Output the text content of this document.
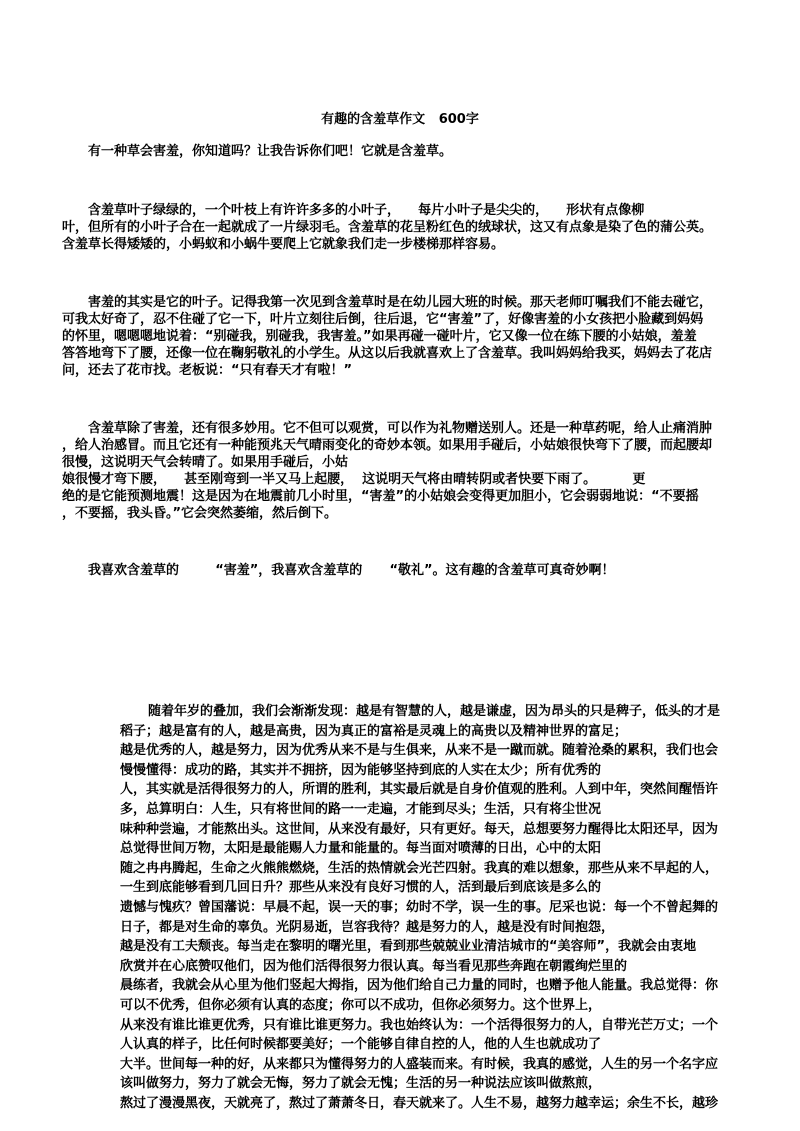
有趣的含羞草作文   600字
有一种草会害羞，你知道吗？让我告诉你们吧！它就是含羞草。
含羞草叶子绿绿的，一个叶枝上有许许多多的小叶子，    每片小叶子是尖尖的，    形状有点像柳
叶，但所有的小叶子合在一起就成了一片绿羽毛。含羞草的花呈粉红色的绒球状，这又有点象是染了色的蒲公英。
含羞草长得矮矮的，小蚂蚁和小蜗牛要爬上它就象我们走一步楼梯那样容易。
害羞的其实是它的叶子。记得我第一次见到含羞草时是在幼儿园大班的时候。那天老师叮嘱我们不能去碰它，
可我太好奇了，忍不住碰了它一下，叶片立刻往后倒，往后退，它“害羞”了，好像害羞的小女孩把小脸藏到妈妈
的怀里，嗯嗯嗯地说着：“别碰我，别碰我，我害羞。”如果再碰一碰叶片，它又像一位在练下腰的小姑娘，羞羞
答答地弯下了腰，还像一位在鞠躬敬礼的小学生。从这以后我就喜欢上了含羞草。我叫妈妈给我买，妈妈去了花店
问，还去了花市找。老板说：“只有春天才有啦！”
含羞草除了害羞，还有很多妙用。它不但可以观赏，可以作为礼物赠送别人。还是一种草药呢，给人止痛消肿
，给人治感冒。而且它还有一种能预兆天气晴雨变化的奇妙本领。如果用手碰后，小姑娘很快弯下了腰，而起腰却
很慢，这说明天气会转晴了。如果用手碰后，小姑
娘很慢才弯下腰，    甚至刚弯到一半又马上起腰，  这说明天气将由晴转阴或者快要下雨了。        更
绝的是它能预测地震！这是因为在地震前几小时里，“害羞”的小姑娘会变得更加胆小，它会弱弱地说：“不要摇
，不要摇，我头昏。”它会突然萎缩，然后倒下。
我喜欢含羞草的        “害羞”，我喜欢含羞草的      “敬礼”。这有趣的含羞草可真奇妙啊！
随着年岁的叠加，我们会渐渐发现：越是有智慧的人，越是谦虚，因为昂头的只是稗子，低头的才是
稻子；越是富有的人，越是高贵，因为真正的富裕是灵魂上的高贵以及精神世界的富足；
越是优秀的人，越是努力，因为优秀从来不是与生俱来，从来不是一蹴而就。随着沧桑的累积，我们也会
慢慢懂得：成功的路，其实并不拥挤，因为能够坚持到底的人实在太少；所有优秀的
人，其实就是活得很努力的人，所谓的胜利，其实最后就是自身价值观的胜利。人到中年，突然间醒悟许
多，总算明白：人生，只有将世间的路一一走遍，才能到尽头；生活，只有将尘世况
味种种尝遍，才能熬出头。这世间，从来没有最好，只有更好。每天，总想要努力醒得比太阳还早，因为
总觉得世间万物，太阳是最能赐人力量和能量的。每当面对喷薄的日出，心中的太阳
随之冉冉腾起，生命之火熊熊燃烧，生活的热情就会光芒四射。我真的难以想象，那些从来不早起的人，
一生到底能够看到几回日升？那些从来没有良好习惯的人，活到最后到底该是多么的
遗憾与愧疚？曾国藩说：早晨不起，误一天的事；幼时不学，误一生的事。尼采也说：每一个不曾起舞的
日子，都是对生命的辜负。光阴易逝，岂容我待？越是努力的人，越是没有时间抱怨，
越是没有工夫颓丧。每当走在黎明的曙光里，看到那些兢兢业业清洁城市的“美容师”，我就会由衷地
欣赏并在心底赞叹他们，因为他们活得很努力很认真。每当看见那些奔跑在朝霞绚烂里的
晨练者，我就会从心里为他们竖起大拇指，因为他们给自己力量的同时，也赠予他人能量。我总觉得：你
可以不优秀，但你必须有认真的态度；你可以不成功，但你必须努力。这个世界上，
从来没有谁比谁更优秀，只有谁比谁更努力。我也始终认为：一个活得很努力的人，自带光芒万丈；一个
人认真的样子，比任何时候都要美好；一个能够自律自控的人，他的人生也就成功了
大半。世间每一种的好，从来都只为懂得努力的人盛装而来。有时候，我真的感觉，人生的另一个名字应
该叫做努力，努力了就会无悔，努力了就会无愧；生活的另一种说法应该叫做熬煎，
熬过了漫漫黑夜，天就亮了，熬过了萧萧冬日，春天就来了。人生不易，越努力越幸运；余生不长，越珍
